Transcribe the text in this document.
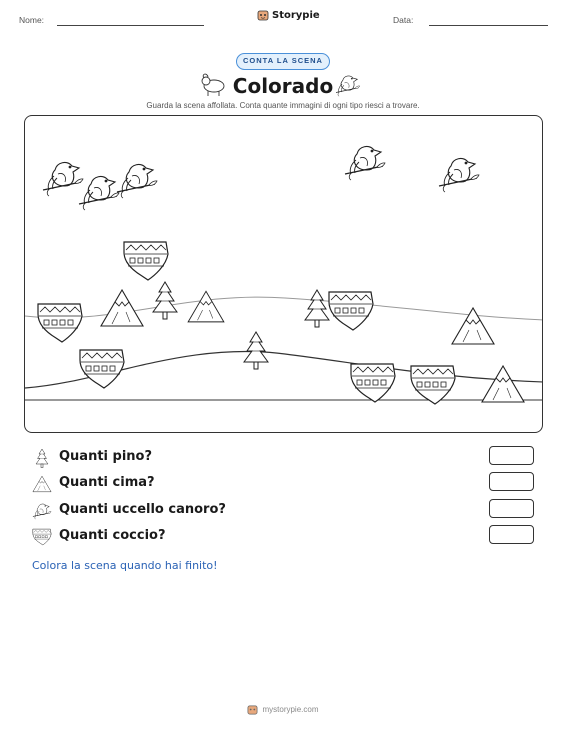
Nome:	Storypie	Data:
CONTA LA SCENA
Colorado
Guarda la scena affollata. Conta quante immagini di ogni tipo riesci a trovare.
Quanti pino?
Quanti cima?
Quanti uccello canoro?
Quanti coccio?
Colora la scena quando hai finito!
mystorypie.com
